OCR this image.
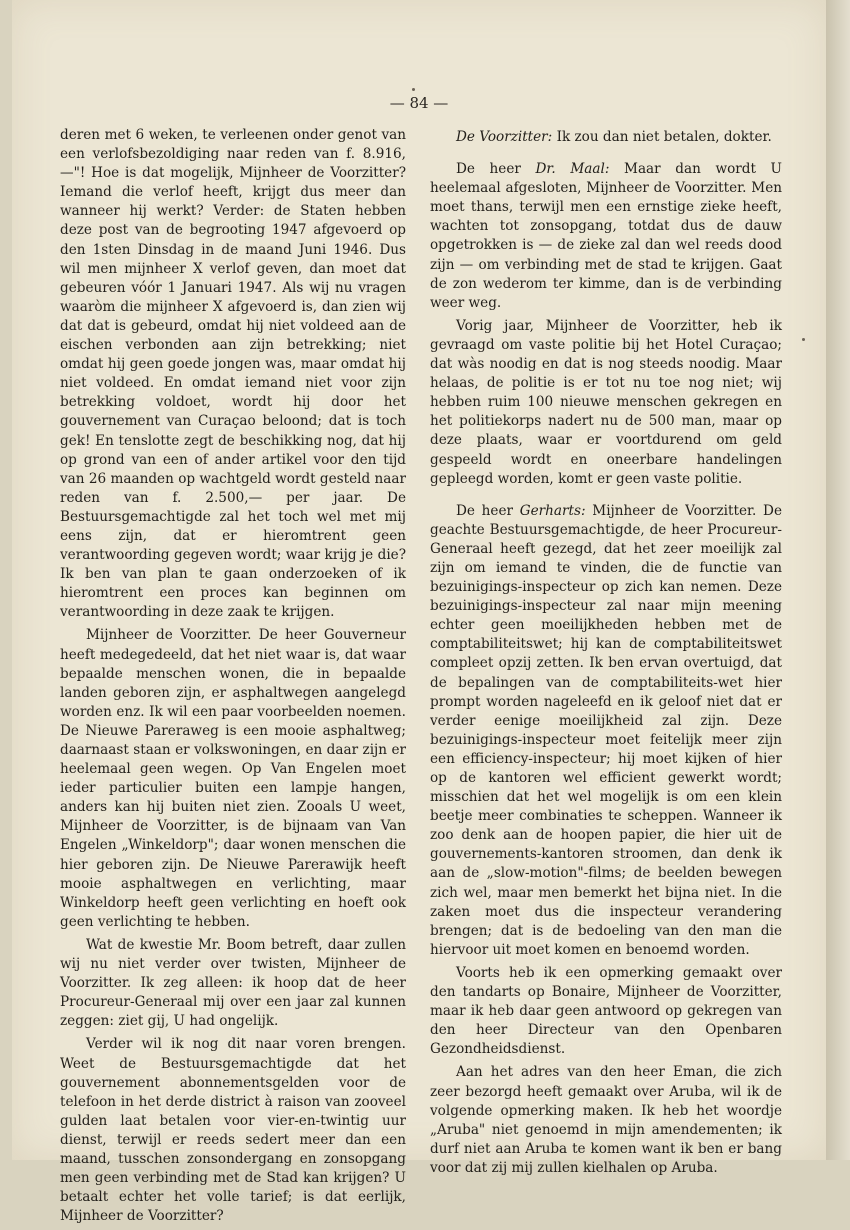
— 84 —

deren met 6 weken, te verleenen onder genot van een verlofsbezoldiging naar reden van f. 8.916,—"! Hoe is dat mogelijk, Mijnheer de Voorzitter? Iemand die verlof heeft, krijgt dus meer dan wanneer hij werkt? Verder: de Staten hebben deze post van de begrooting 1947 afgevoerd op den 1sten Dinsdag in de maand Juni 1946. Dus wil men mijnheer X verlof geven, dan moet dat gebeuren vóór 1 Januari 1947. Als wij nu vragen waaròm die mijnheer X afgevoerd is, dan zien wij dat dat is gebeurd, omdat hij niet voldeed aan de eischen verbonden aan zijn betrekking; niet omdat hij geen goede jongen was, maar omdat hij niet voldeed. En omdat iemand niet voor zijn betrekking voldoet, wordt hij door het gouvernement van Curaçao beloond; dat is toch gek! En tenslotte zegt de beschikking nog, dat hij op grond van een of ander artikel voor den tijd van 26 maanden op wachtgeld wordt gesteld naar reden van f. 2.500,— per jaar. De Bestuursgemachtigde zal het toch wel met mij eens zijn, dat er hieromtrent geen verantwoording gegeven wordt; waar krijg je die? Ik ben van plan te gaan onderzoeken of ik hieromtrent een proces kan beginnen om verantwoording in deze zaak te krijgen.

Mijnheer de Voorzitter. De heer Gouverneur heeft medegedeeld, dat het niet waar is, dat waar bepaalde menschen wonen, die in bepaalde landen geboren zijn, er asphaltwegen aangelegd worden enz. Ik wil een paar voorbeelden noemen. De Nieuwe Pareraweg is een mooie asphaltweg; daarnaast staan er volkswoningen, en daar zijn er heelemaal geen wegen. Op Van Engelen moet ieder particulier buiten een lampje hangen, anders kan hij buiten niet zien. Zooals U weet, Mijnheer de Voorzitter, is de bijnaam van Van Engelen „Winkeldorp"; daar wonen menschen die hier geboren zijn. De Nieuwe Parerawijk heeft mooie asphaltwegen en verlichting, maar Winkeldorp heeft geen verlichting en hoeft ook geen verlichting te hebben.

Wat de kwestie Mr. Boom betreft, daar zullen wij nu niet verder over twisten, Mijnheer de Voorzitter. Ik zeg alleen: ik hoop dat de heer Procureur-Generaal mij over een jaar zal kunnen zeggen: ziet gij, U had ongelijk.

Verder wil ik nog dit naar voren brengen. Weet de Bestuursgemachtigde dat het gouvernement abonnementsgelden voor de telefoon in het derde district à raison van zooveel gulden laat betalen voor vier-en-twintig uur dienst, terwijl er reeds sedert meer dan een maand, tusschen zonsondergang en zonsopgang men geen verbinding met de Stad kan krijgen? U betaalt echter het volle tarief; is dat eerlijk, Mijnheer de Voorzitter?

De Voorzitter: Ik zou dan niet betalen, dokter.

De heer Dr. Maal: Maar dan wordt U heelemaal afgesloten, Mijnheer de Voorzitter. Men moet thans, terwijl men een ernstige zieke heeft, wachten tot zonsopgang, totdat dus de dauw opgetrokken is — de zieke zal dan wel reeds dood zijn — om verbinding met de stad te krijgen. Gaat de zon wederom ter kimme, dan is de verbinding weer weg.

Vorig jaar, Mijnheer de Voorzitter, heb ik gevraagd om vaste politie bij het Hotel Curaçao; dat wàs noodig en dat is nog steeds noodig. Maar helaas, de politie is er tot nu toe nog niet; wij hebben ruim 100 nieuwe menschen gekregen en het politiekorps nadert nu de 500 man, maar op deze plaats, waar er voortdurend om geld gespeeld wordt en oneerbare handelingen gepleegd worden, komt er geen vaste politie.

De heer Gerharts: Mijnheer de Voorzitter. De geachte Bestuursgemachtigde, de heer Procureur-Generaal heeft gezegd, dat het zeer moeilijk zal zijn om iemand te vinden, die de functie van bezuinigings-inspecteur op zich kan nemen. Deze bezuinigings-inspecteur zal naar mijn meening echter geen moeilijkheden hebben met de comptabiliteitswet; hij kan de comptabiliteitswet compleet opzij zetten. Ik ben ervan overtuigd, dat de bepalingen van de comptabiliteits-wet hier prompt worden nageleefd en ik geloof niet dat er verder eenige moeilijkheid zal zijn. Deze bezuinigings-inspecteur moet feitelijk meer zijn een efficiency-inspecteur; hij moet kijken of hier op de kantoren wel efficient gewerkt wordt; misschien dat het wel mogelijk is om een klein beetje meer combinaties te scheppen. Wanneer ik zoo denk aan de hoopen papier, die hier uit de gouvernements-kantoren stroomen, dan denk ik aan de „slow-motion"-films; de beelden bewegen zich wel, maar men bemerkt het bijna niet. In die zaken moet dus die inspecteur verandering brengen; dat is de bedoeling van den man die hiervoor uit moet komen en benoemd worden.

Voorts heb ik een opmerking gemaakt over den tandarts op Bonaire, Mijnheer de Voorzitter, maar ik heb daar geen antwoord op gekregen van den heer Directeur van den Openbaren Gezondheidsdienst.

Aan het adres van den heer Eman, die zich zeer bezorgd heeft gemaakt over Aruba, wil ik de volgende opmerking maken. Ik heb het woordje „Aruba" niet genoemd in mijn amendementen; ik durf niet aan Aruba te komen want ik ben er bang voor dat zij mij zullen kielhalen op Aruba.
